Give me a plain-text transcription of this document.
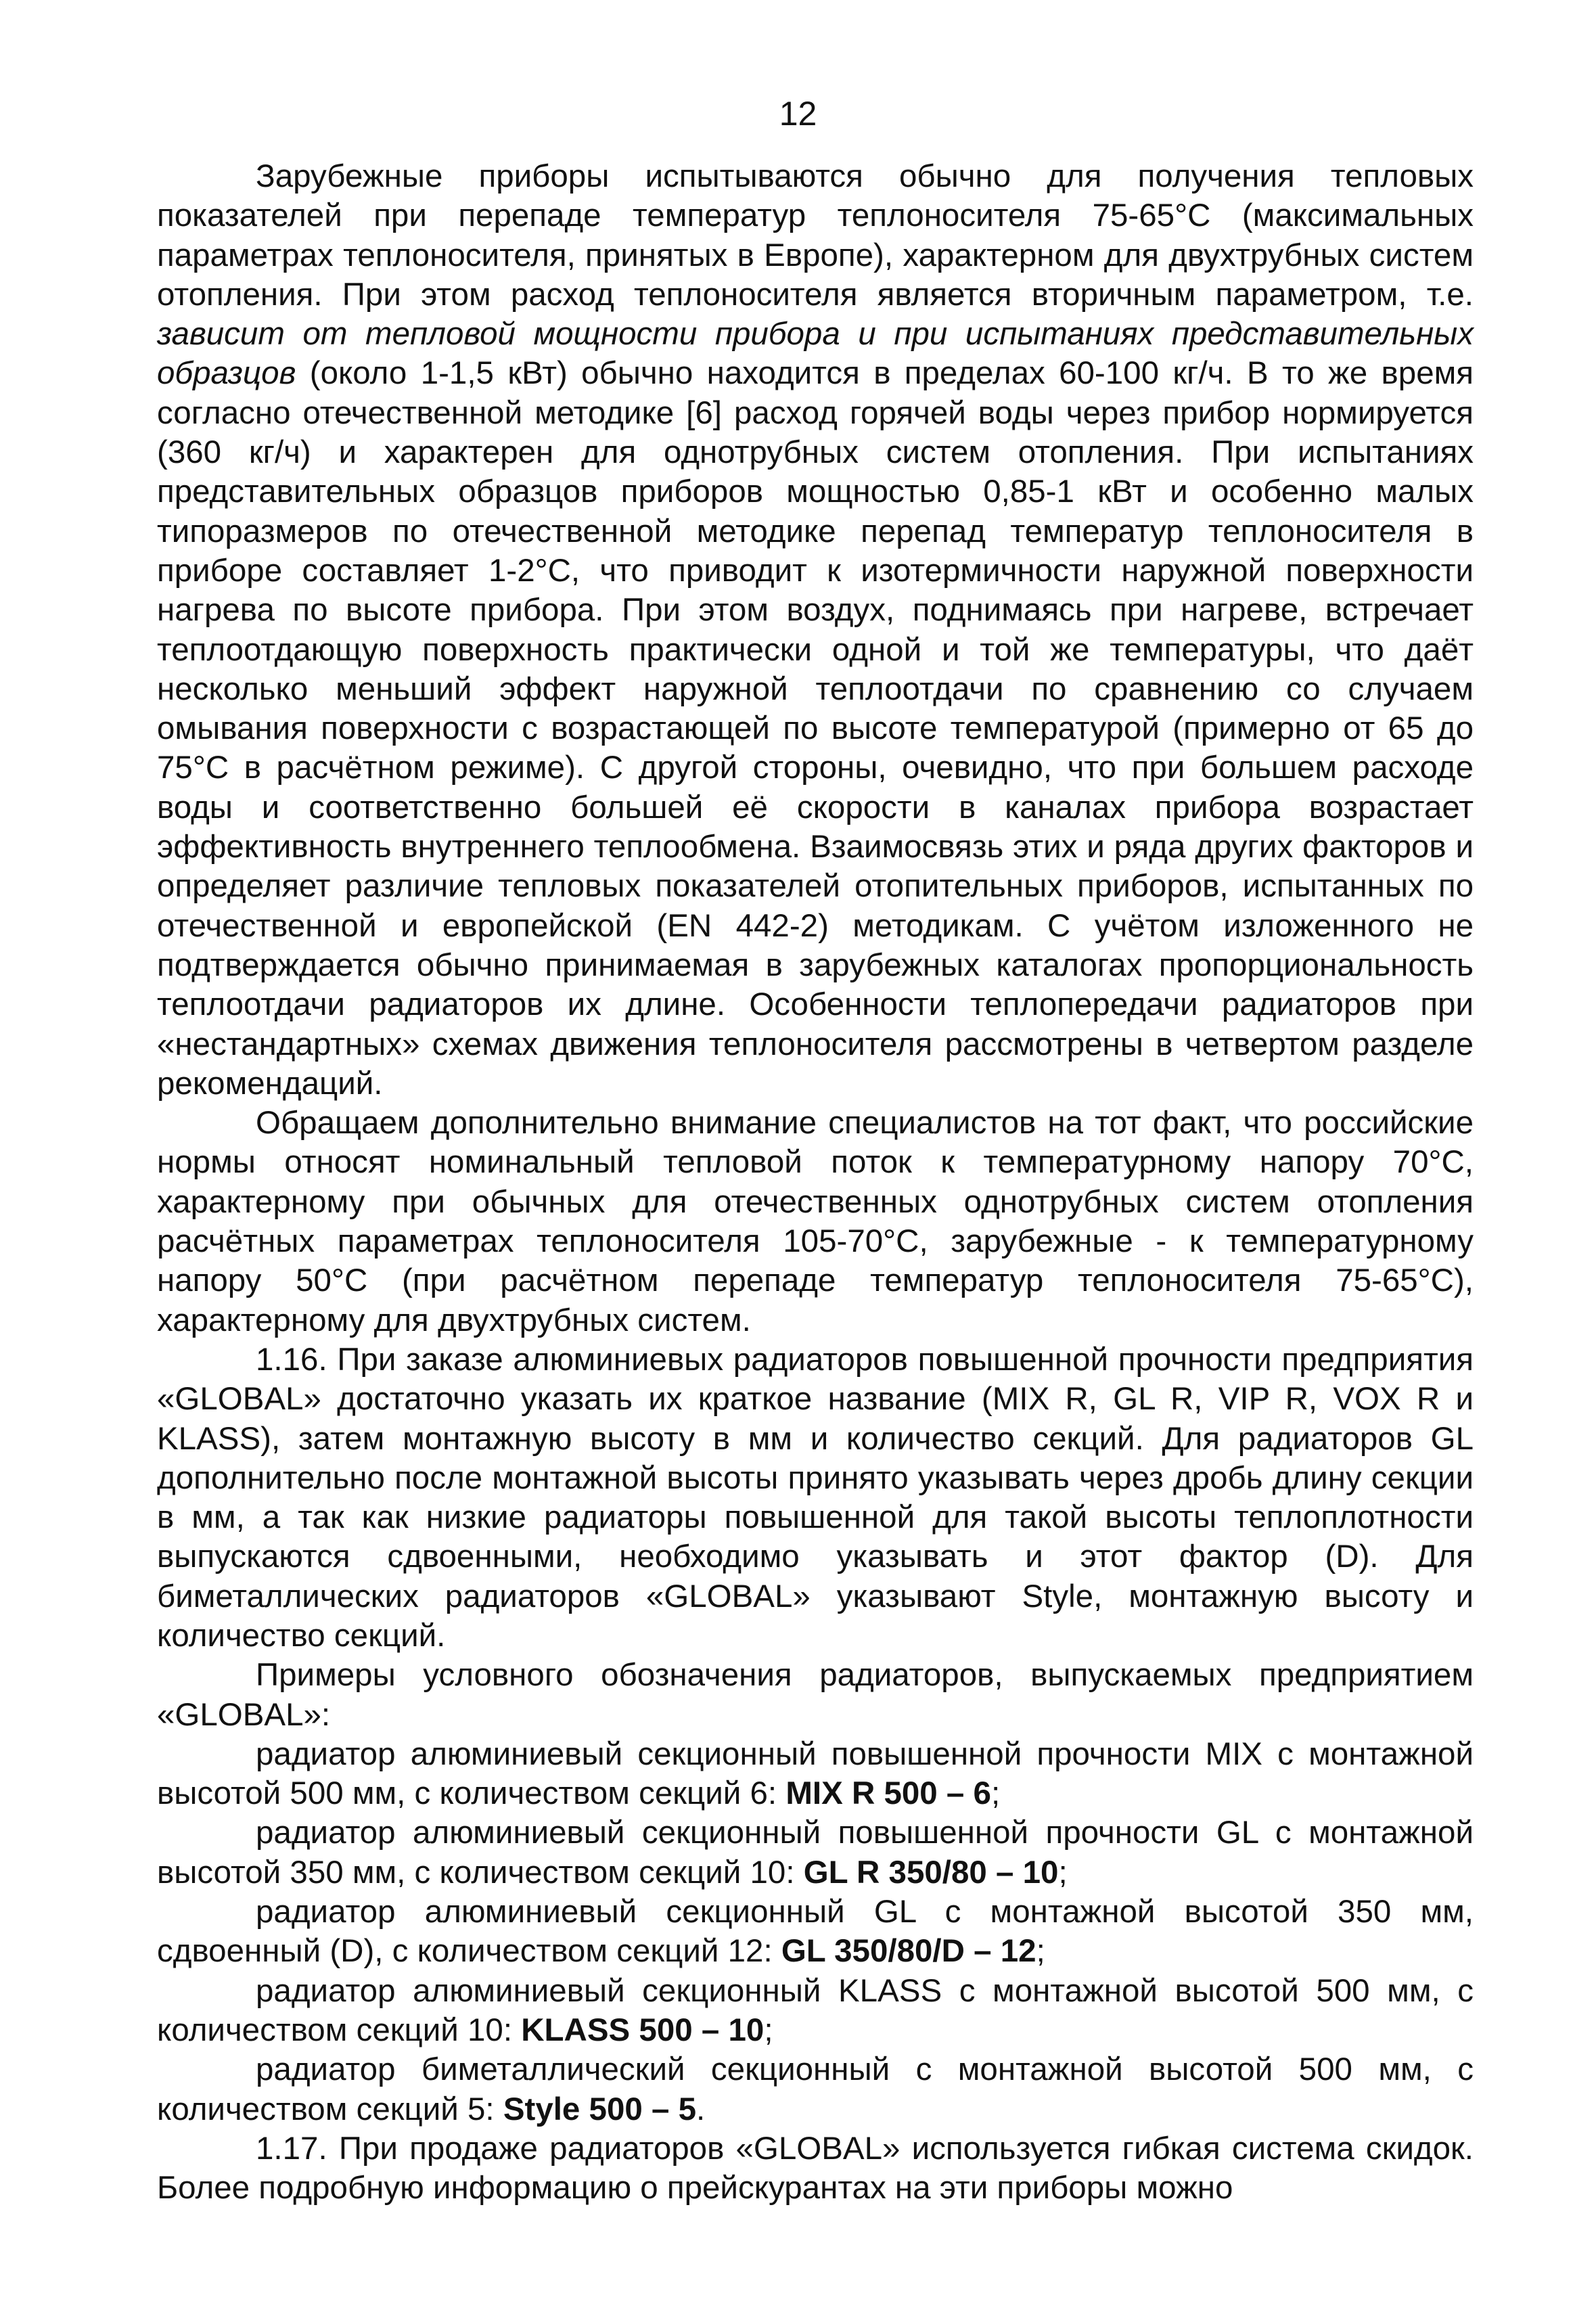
12

Зарубежные приборы испытываются обычно для получения тепловых показателей при перепаде температур теплоносителя 75-65°С (максимальных параметрах теплоносителя, принятых в Европе), характерном для двухтрубных систем отопления. При этом расход теплоносителя является вторичным параметром, т.е. зависит от тепловой мощности прибора и при испытаниях представительных образцов (около 1-1,5 кВт) обычно находится в пределах 60-100 кг/ч. В то же время согласно отечественной методике [6] расход горячей воды через прибор нормируется (360 кг/ч) и характерен для однотрубных систем отопления. При испытаниях представительных образцов приборов мощностью 0,85-1 кВт и особенно малых типоразмеров по отечественной методике перепад температур теплоносителя в приборе составляет 1-2°С, что приводит к изотермичности наружной поверхности нагрева по высоте прибора. При этом воздух, поднимаясь при нагреве, встречает теплоотдающую поверхность практически одной и той же температуры, что даёт несколько меньший эффект наружной теплоотдачи по сравнению со случаем омывания поверхности с возрастающей по высоте температурой (примерно от 65 до 75°С в расчётном режиме). С другой стороны, очевидно, что при большем расходе воды и соответственно большей её скорости в каналах прибора возрастает эффективность внутреннего теплообмена. Взаимосвязь этих и ряда других факторов и определяет различие тепловых показателей отопительных приборов, испытанных по отечественной и европейской (EN 442-2) методикам. С учётом изложенного не подтверждается обычно принимаемая в зарубежных каталогах пропорциональность теплоотдачи радиаторов их длине. Особенности теплопередачи радиаторов при «нестандартных» схемах движения теплоносителя рассмотрены в четвертом разделе рекомендаций.

Обращаем дополнительно внимание специалистов на тот факт, что российские нормы относят номинальный тепловой поток к температурному напору 70°С, характерному при обычных для отечественных однотрубных систем отопления расчётных параметрах теплоносителя 105-70°С, зарубежные - к температурному напору 50°С (при расчётном перепаде температур теплоносителя 75-65°С), характерному для двухтрубных систем.

1.16. При заказе алюминиевых радиаторов повышенной прочности предприятия «GLOBAL» достаточно указать их краткое название (MIX R, GL R, VIP R, VOX R и KLASS), затем монтажную высоту в мм и количество секций. Для радиаторов GL дополнительно после монтажной высоты принято указывать через дробь длину секции в мм, а так как низкие радиаторы повышенной для такой высоты теплоплотности выпускаются сдвоенными, необходимо указывать и этот фактор (D). Для биметаллических радиаторов «GLOBAL» указывают Style, монтажную высоту и количество секций.

Примеры условного обозначения радиаторов, выпускаемых предприятием «GLOBAL»:

радиатор алюминиевый секционный повышенной прочности MIX с монтажной высотой 500 мм, с количеством секций 6: MIX R 500 – 6;

радиатор алюминиевый секционный повышенной прочности GL с монтажной высотой 350 мм, с количеством секций 10: GL R 350/80 – 10;

радиатор алюминиевый секционный GL с монтажной высотой 350 мм, сдвоенный (D), с количеством секций 12: GL 350/80/D – 12;

радиатор алюминиевый секционный KLASS с монтажной высотой 500 мм, с количеством секций 10: KLASS 500 – 10;

радиатор биметаллический секционный с монтажной высотой 500 мм, с количеством секций 5: Style 500 – 5.

1.17. При продаже радиаторов «GLOBAL» используется гибкая система скидок. Более подробную информацию о прейскурантах на эти приборы можно
